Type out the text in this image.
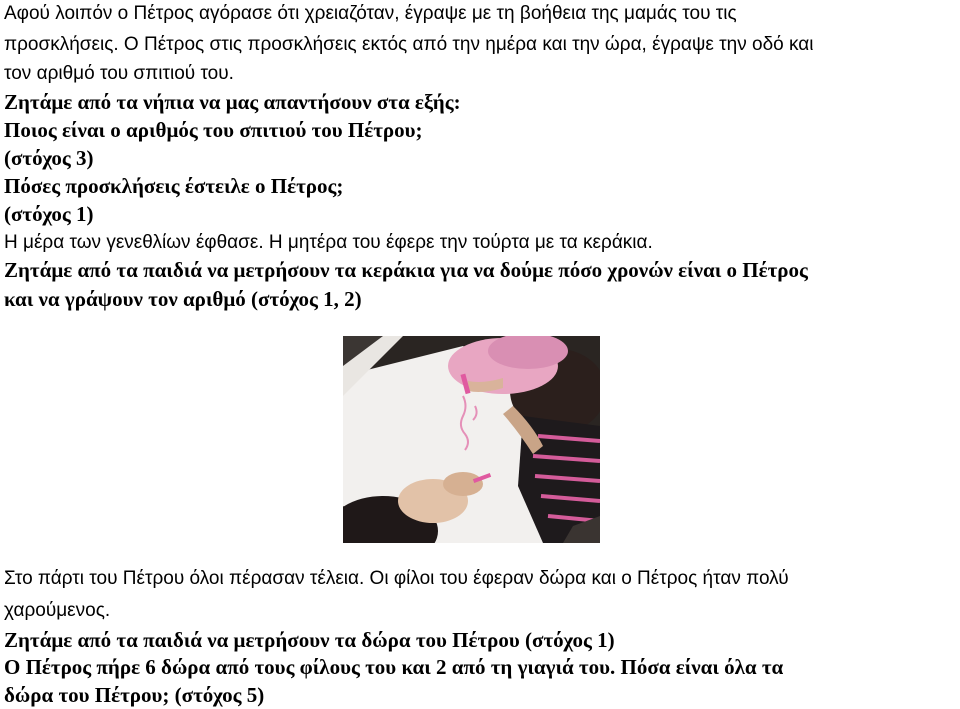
Αφού λοιπόν ο Πέτρος αγόρασε ότι χρειαζόταν, έγραψε με τη βοήθεια της μαμάς του τις
προσκλήσεις. Ο Πέτρος στις προσκλήσεις εκτός από την ημέρα και την ώρα, έγραψε την οδό και
τον αριθμό του σπιτιού του.
Ζητάμε από τα νήπια να μας απαντήσουν στα εξής:
Ποιος είναι ο αριθμός του σπιτιού του Πέτρου;
(στόχος 3)
Πόσες προσκλήσεις έστειλε ο Πέτρος;
(στόχος 1)
Η μέρα των γενεθλίων έφθασε. Η μητέρα του έφερε την τούρτα με τα κεράκια.
Ζητάμε από τα παιδιά να μετρήσουν τα κεράκια για να δούμε πόσο χρονών είναι ο Πέτρος
και να γράψουν τον αριθμό (στόχος 1, 2)
Στο πάρτι του Πέτρου όλοι πέρασαν τέλεια. Οι φίλοι του έφεραν δώρα και ο Πέτρος ήταν πολύ
χαρούμενος.
Ζητάμε από τα παιδιά να μετρήσουν τα δώρα του Πέτρου (στόχος 1)
Ο Πέτρος πήρε 6 δώρα από τους φίλους του και 2 από τη γιαγιά του. Πόσα είναι όλα τα
δώρα του Πέτρου; (στόχος 5)
